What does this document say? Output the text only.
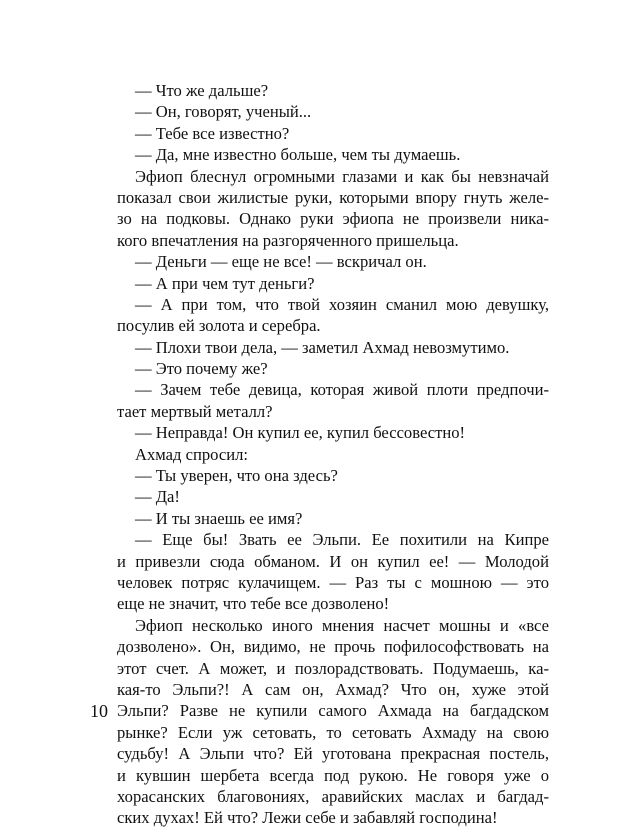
— Что же дальше?
— Он, говорят, ученый...
— Тебе все известно?
— Да, мне известно больше, чем ты думаешь.
Эфиоп блеснул огромными глазами и как бы невзначай
показал свои жилистые руки, которыми впору гнуть желе-
зо на подковы. Однако руки эфиопа не произвели ника-
кого впечатления на разгоряченного пришельца.
— Деньги — еще не все! — вскричал он.
— А при чем тут деньги?
— А при том, что твой хозяин сманил мою девушку,
посулив ей золота и серебра.
— Плохи твои дела, — заметил Ахмад невозмутимо.
— Это почему же?
— Зачем тебе девица, которая живой плоти предпочи-
тает мертвый металл?
— Неправда! Он купил ее, купил бессовестно!
Ахмад спросил:
— Ты уверен, что она здесь?
— Да!
— И ты знаешь ее имя?
— Еще бы! Звать ее Эльпи. Ее похитили на Кипре
и привезли сюда обманом. И он купил ее! — Молодой
человек потряс кулачищем. — Раз ты с мошною — это
еще не значит, что тебе все дозволено!
Эфиоп несколько иного мнения насчет мошны и «все
дозволено». Он, видимо, не прочь пофилософствовать на
этот счет. А может, и позлорадствовать. Подумаешь, ка-
кая-то Эльпи?! А сам он, Ахмад? Что он, хуже этой
Эльпи? Разве не купили самого Ахмада на багдадском
рынке? Если уж сетовать, то сетовать Ахмаду на свою
судьбу! А Эльпи что? Ей уготована прекрасная постель,
и кувшин шербета всегда под рукою. Не говоря уже о
хорасанских благовониях, аравийских маслах и багдад-
ских духах! Ей что? Лежи себе и забавляй господина!
10
